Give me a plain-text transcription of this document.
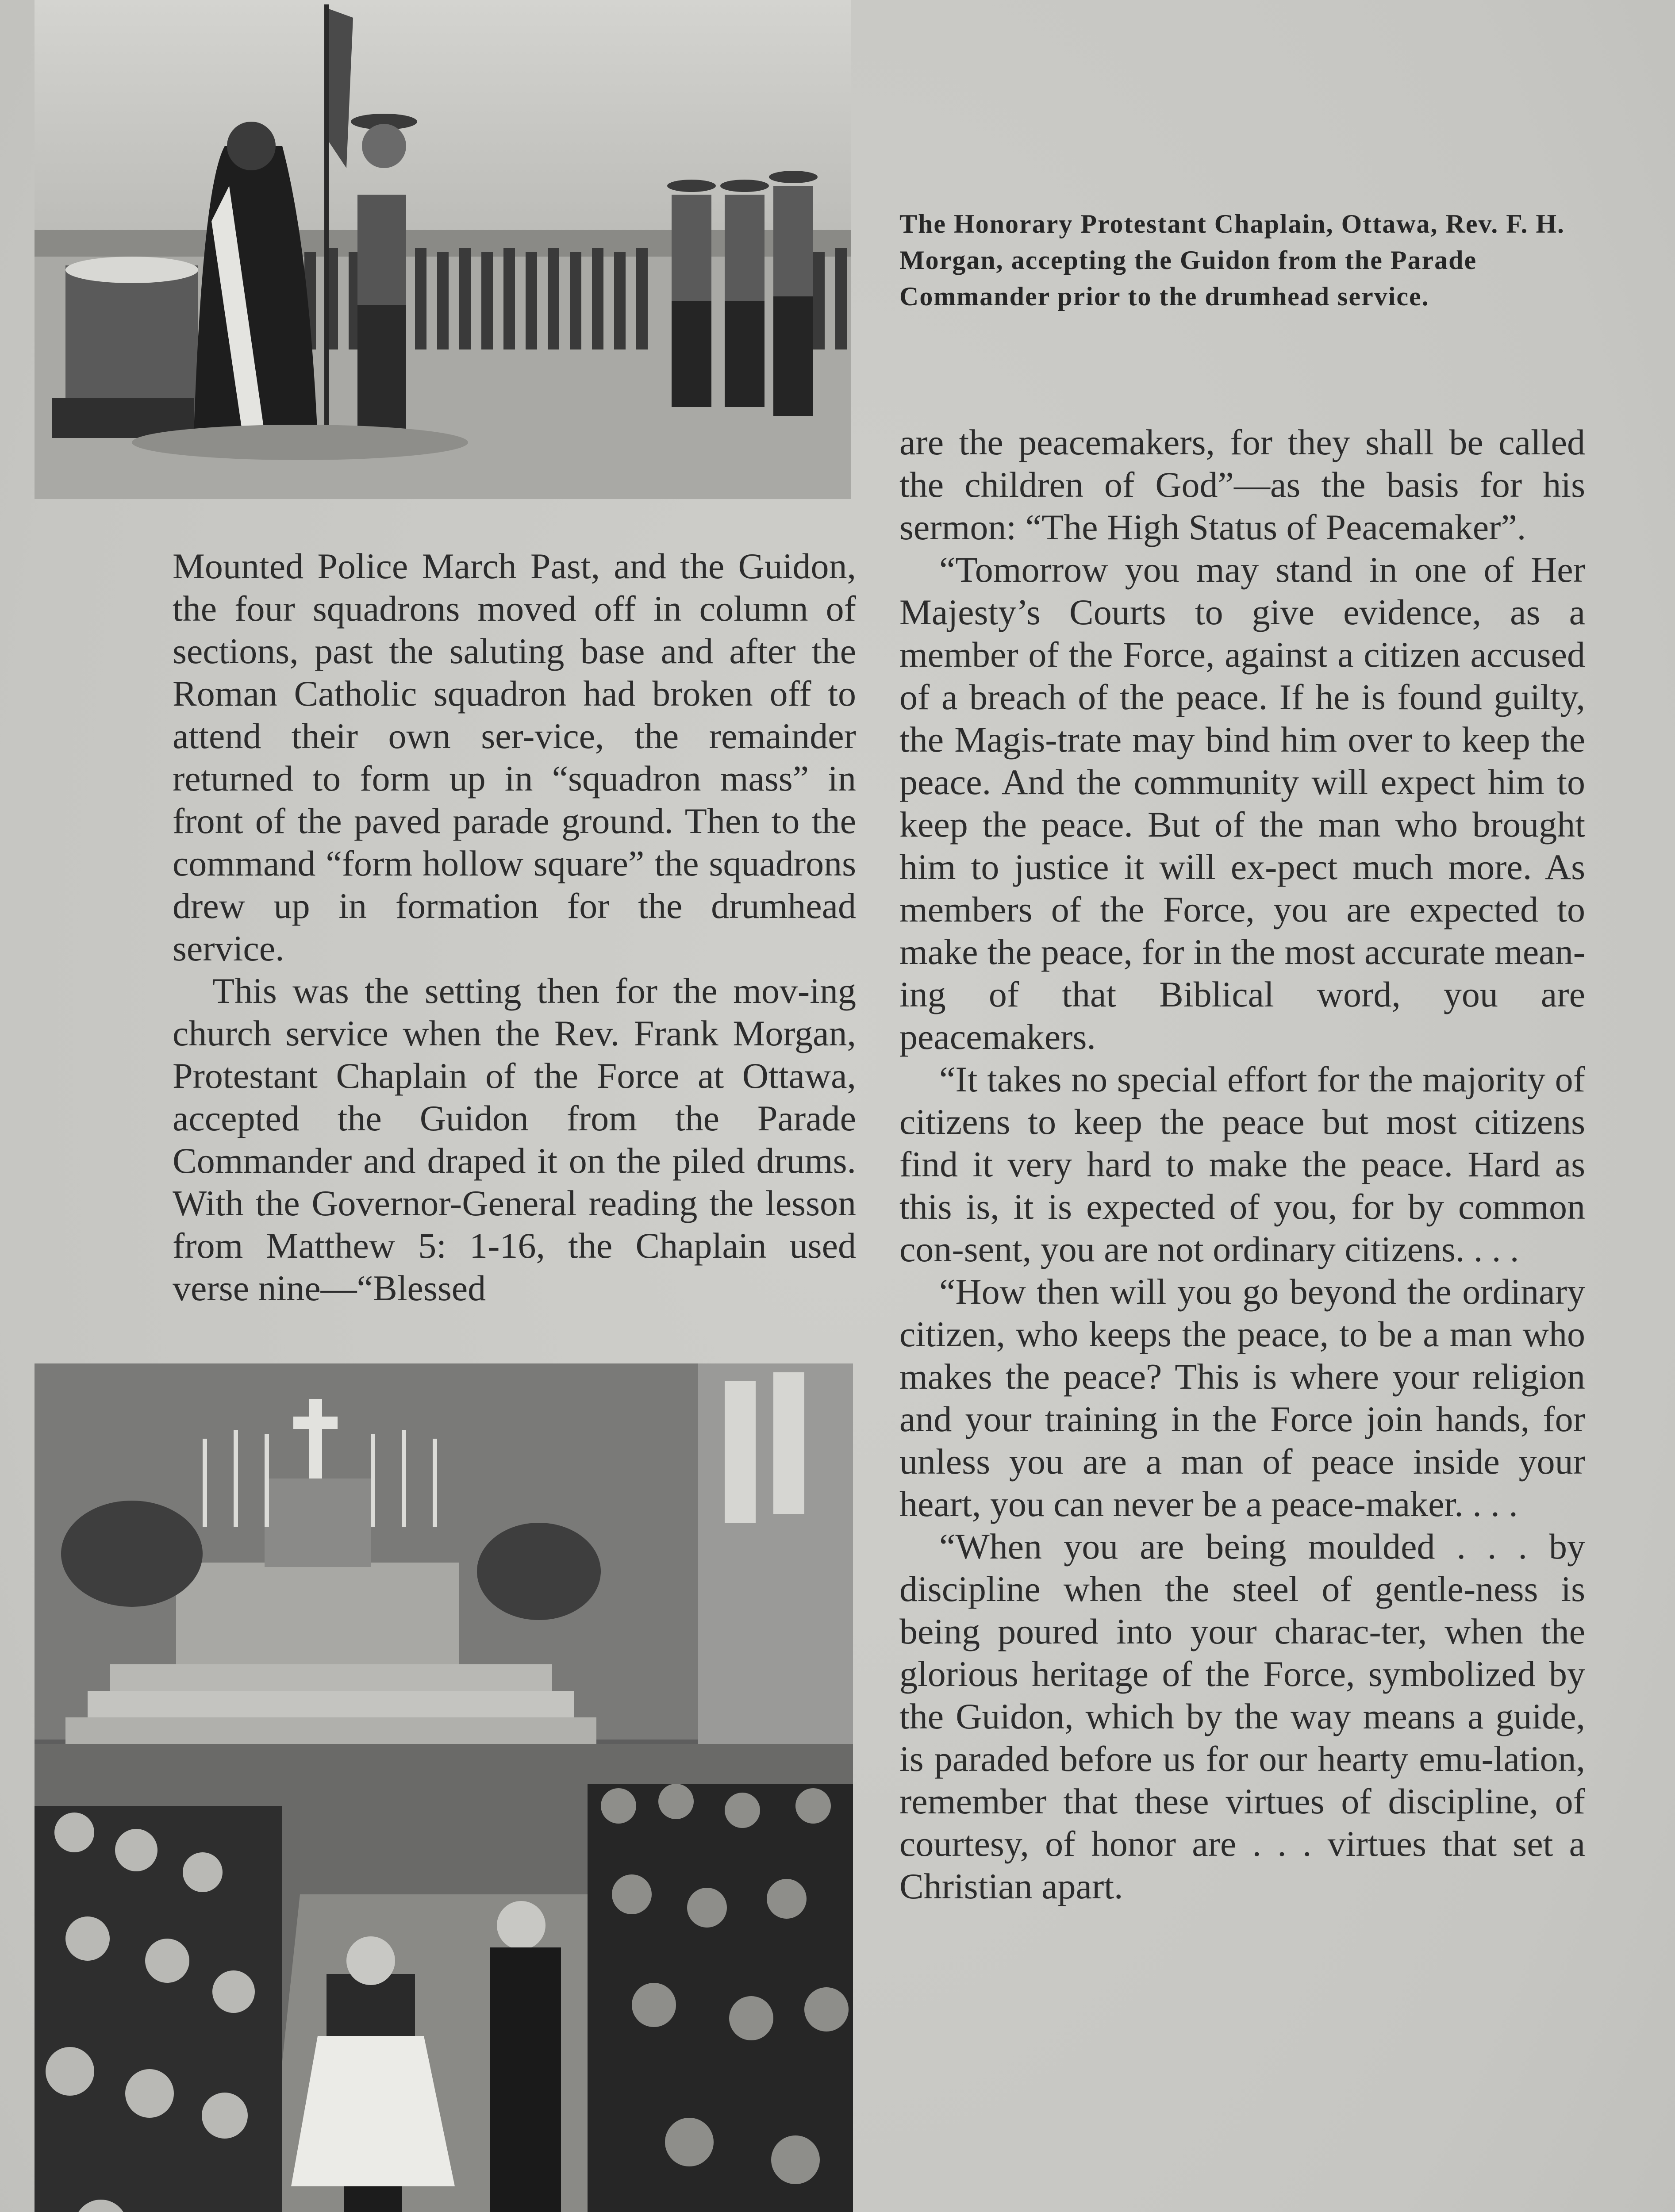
The Honorary Protestant Chaplain, Ottawa, Rev. F. H. Morgan, accepting the Guidon from the Parade Commander prior to the drumhead service.

Mounted Police March Past, and the Guidon, the four squadrons moved off in column of sections, past the saluting base and after the Roman Catholic squadron had broken off to attend their own ser-vice, the remainder returned to form up in “squadron mass” in front of the paved parade ground. Then to the command “form hollow square” the squadrons drew up in formation for the drumhead service.

This was the setting then for the mov-ing church service when the Rev. Frank Morgan, Protestant Chaplain of the Force at Ottawa, accepted the Guidon from the Parade Commander and draped it on the piled drums. With the Governor-General reading the lesson from Matthew 5: 1-16, the Chaplain used verse nine—“Blessed

are the peacemakers, for they shall be called the children of God”—as the basis for his sermon: “The High Status of Peacemaker”.

“Tomorrow you may stand in one of Her Majesty’s Courts to give evidence, as a member of the Force, against a citizen accused of a breach of the peace. If he is found guilty, the Magis-trate may bind him over to keep the peace. And the community will expect him to keep the peace. But of the man who brought him to justice it will ex-pect much more. As members of the Force, you are expected to make the peace, for in the most accurate mean-ing of that Biblical word, you are peacemakers.

“It takes no special effort for the majority of citizens to keep the peace but most citizens find it very hard to make the peace. Hard as this is, it is expected of you, for by common con-sent, you are not ordinary citizens. . . .

“How then will you go beyond the ordinary citizen, who keeps the peace, to be a man who makes the peace? This is where your religion and your training in the Force join hands, for unless you are a man of peace inside your heart, you can never be a peace-maker. . . .

“When you are being moulded . . . by discipline when the steel of gentle-ness is being poured into your charac-ter, when the glorious heritage of the Force, symbolized by the Guidon, which by the way means a guide, is paraded before us for our hearty emu-lation, remember that these virtues of discipline, of courtesy, of honor are . . . virtues that set a Christian apart.
